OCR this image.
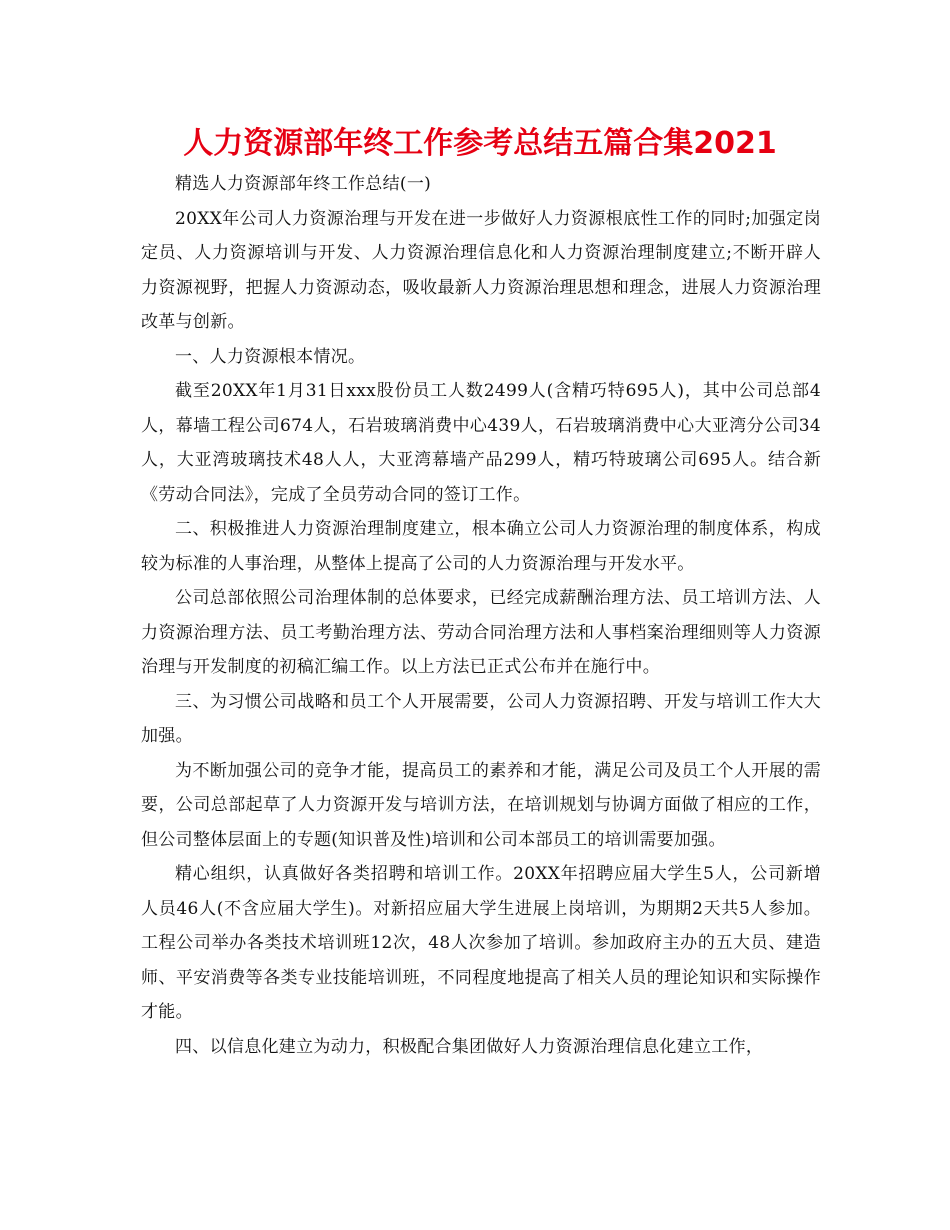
人力资源部年终工作参考总结五篇合集2021

精选人力资源部年终工作总结(一)

20XX年公司人力资源治理与开发在进一步做好人力资源根底性工作的同时;加强定岗定员、人力资源培训与开发、人力资源治理信息化和人力资源治理制度建立;不断开辟人力资源视野，把握人力资源动态，吸收最新人力资源治理思想和理念，进展人力资源治理改革与创新。

一、人力资源根本情况。

截至20XX年1月31日xxx股份员工人数2499人(含精巧特695人)，其中公司总部4人，幕墙工程公司674人，石岩玻璃消费中心439人，石岩玻璃消费中心大亚湾分公司34人，大亚湾玻璃技术48人人，大亚湾幕墙产品299人，精巧特玻璃公司695人。结合新《劳动合同法》，完成了全员劳动合同的签订工作。

二、积极推进人力资源治理制度建立，根本确立公司人力资源治理的制度体系，构成较为标准的人事治理，从整体上提高了公司的人力资源治理与开发水平。

公司总部依照公司治理体制的总体要求，已经完成薪酬治理方法、员工培训方法、人力资源治理方法、员工考勤治理方法、劳动合同治理方法和人事档案治理细则等人力资源治理与开发制度的初稿汇编工作。以上方法已正式公布并在施行中。

三、为习惯公司战略和员工个人开展需要，公司人力资源招聘、开发与培训工作大大加强。

为不断加强公司的竞争才能，提高员工的素养和才能，满足公司及员工个人开展的需要，公司总部起草了人力资源开发与培训方法，在培训规划与协调方面做了相应的工作，但公司整体层面上的专题(知识普及性)培训和公司本部员工的培训需要加强。

精心组织，认真做好各类招聘和培训工作。20XX年招聘应届大学生5人，公司新增人员46人(不含应届大学生)。对新招应届大学生进展上岗培训，为期期2天共5人参加。工程公司举办各类技术培训班12次，48人次参加了培训。参加政府主办的五大员、建造师、平安消费等各类专业技能培训班，不同程度地提高了相关人员的理论知识和实际操作才能。

四、以信息化建立为动力，积极配合集团做好人力资源治理信息化建立工作，
